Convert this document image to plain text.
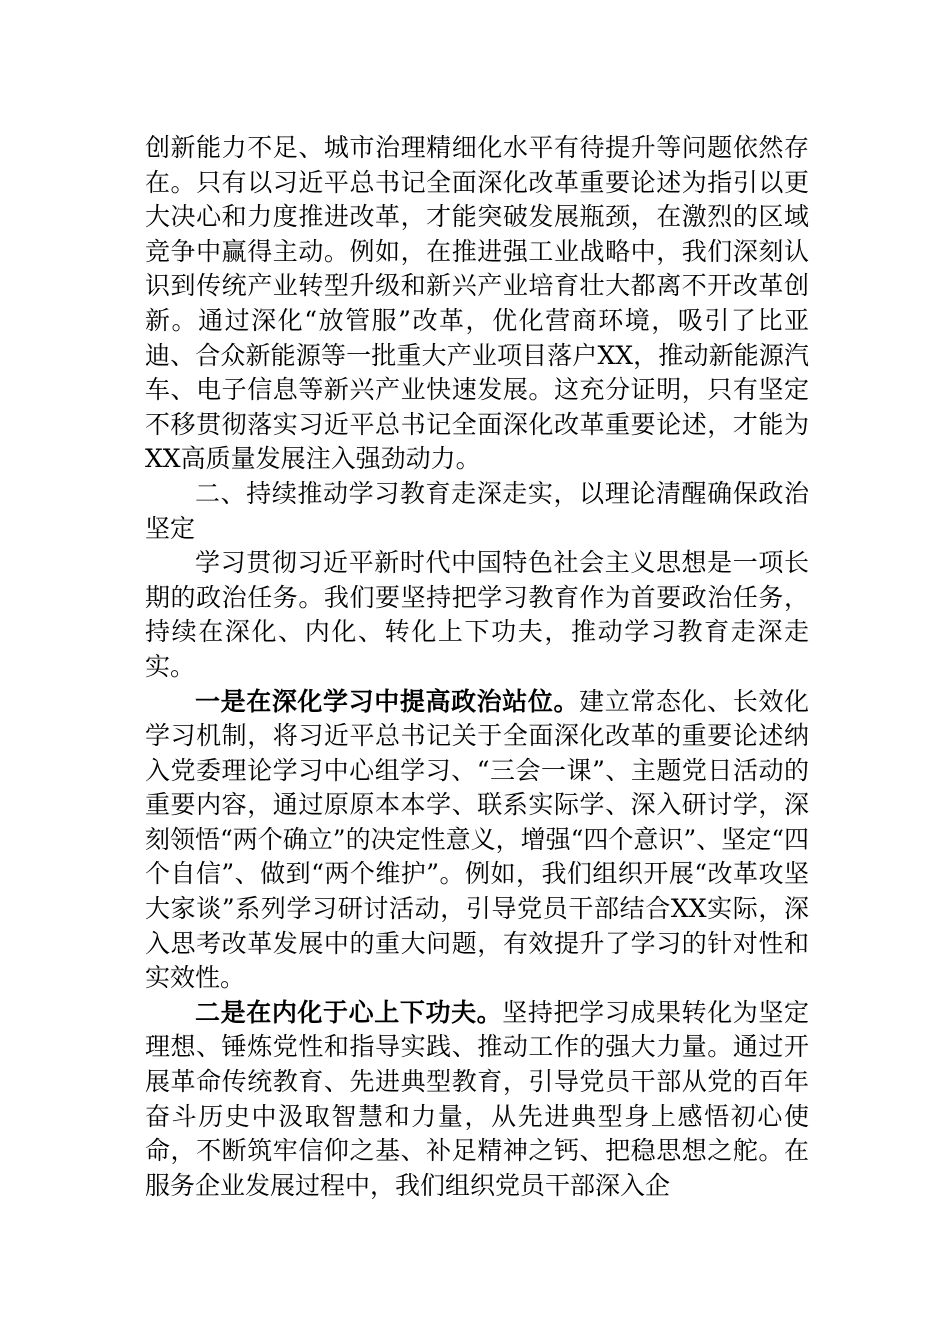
创新能力不足、城市治理精细化水平有待提升等问题依然存在。只有以习近平总书记全面深化改革重要论述为指引以更大决心和力度推进改革，才能突破发展瓶颈，在激烈的区域竞争中赢得主动。例如，在推进强工业战略中，我们深刻认识到传统产业转型升级和新兴产业培育壮大都离不开改革创新。通过深化“放管服”改革，优化营商环境，吸引了比亚迪、合众新能源等一批重大产业项目落户XX，推动新能源汽车、电子信息等新兴产业快速发展。这充分证明，只有坚定不移贯彻落实习近平总书记全面深化改革重要论述，才能为XX高质量发展注入强劲动力。

二、持续推动学习教育走深走实，以理论清醒确保政治坚定

学习贯彻习近平新时代中国特色社会主义思想是一项长期的政治任务。我们要坚持把学习教育作为首要政治任务，持续在深化、内化、转化上下功夫，推动学习教育走深走实。

一是在深化学习中提高政治站位。建立常态化、长效化学习机制，将习近平总书记关于全面深化改革的重要论述纳入党委理论学习中心组学习、“三会一课”、主题党日活动的重要内容，通过原原本本学、联系实际学、深入研讨学，深刻领悟“两个确立”的决定性意义，增强“四个意识”、坚定“四个自信”、做到“两个维护”。例如，我们组织开展“改革攻坚大家谈”系列学习研讨活动，引导党员干部结合XX实际，深入思考改革发展中的重大问题，有效提升了学习的针对性和实效性。

二是在内化于心上下功夫。坚持把学习成果转化为坚定理想、锤炼党性和指导实践、推动工作的强大力量。通过开展革命传统教育、先进典型教育，引导党员干部从党的百年奋斗历史中汲取智慧和力量，从先进典型身上感悟初心使命，不断筑牢信仰之基、补足精神之钙、把稳思想之舵。在服务企业发展过程中，我们组织党员干部深入企
